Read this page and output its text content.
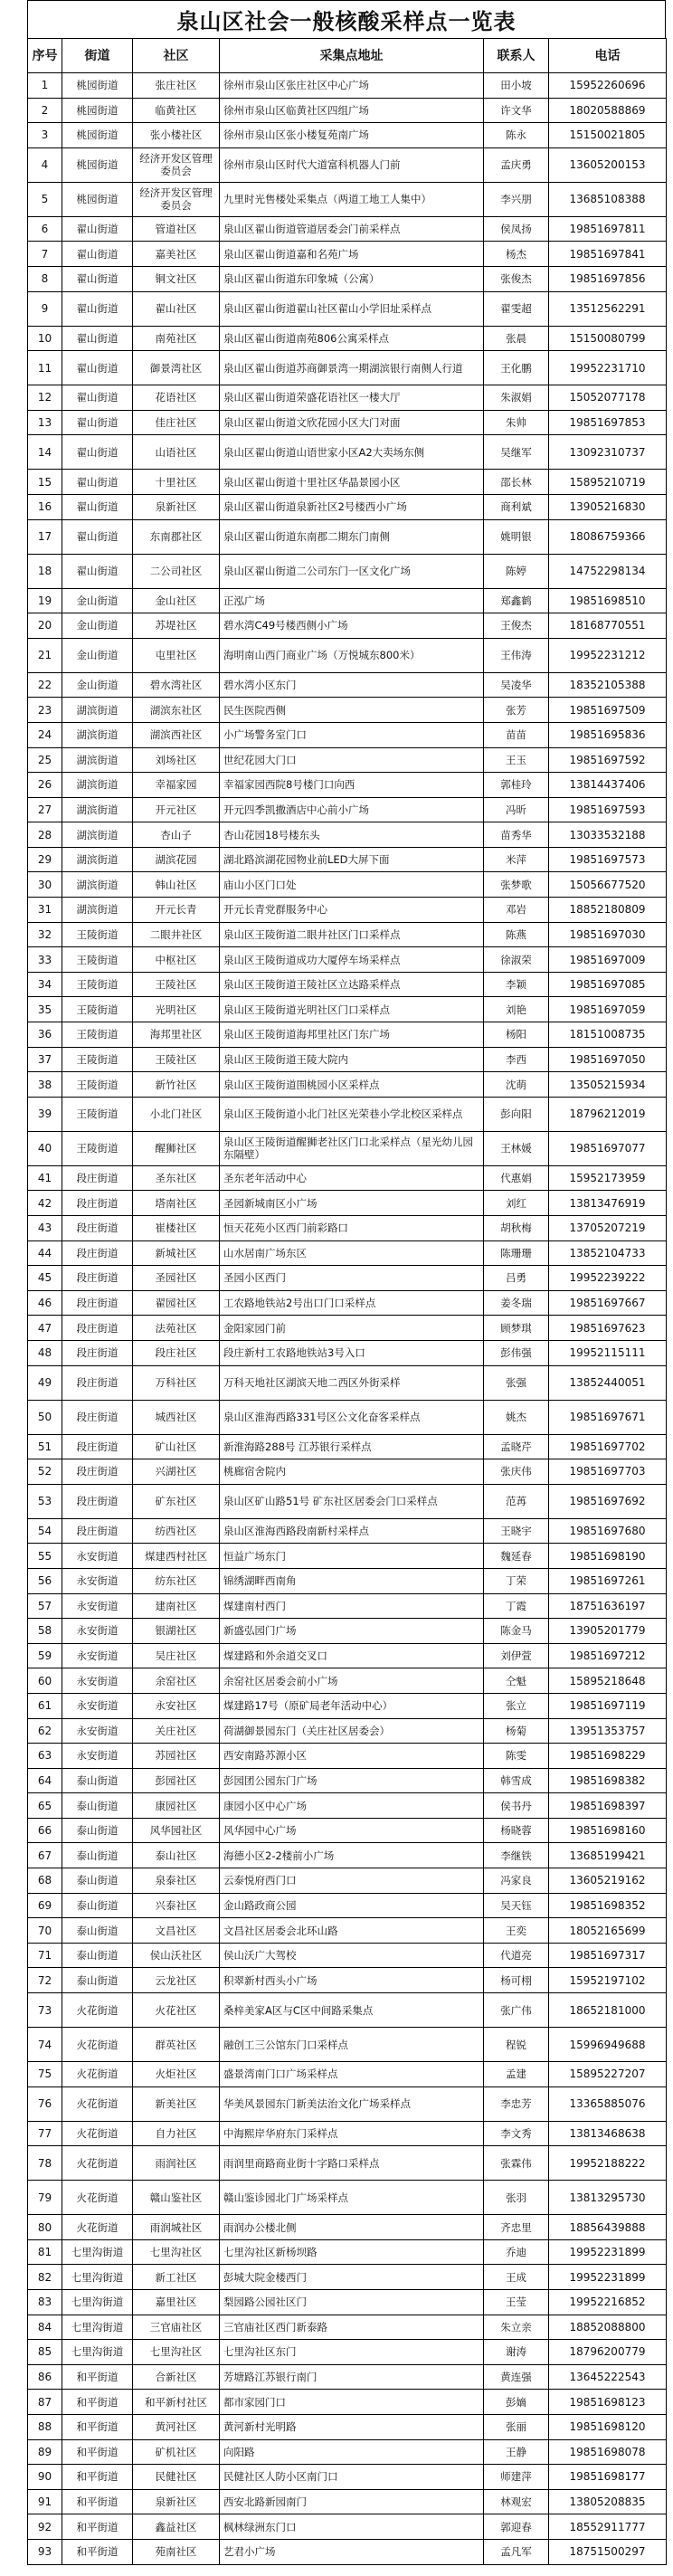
泉山区社会一般核酸采样点一览表
序号	街道	社区	采集点地址	联系人	电话
1	桃园街道	张庄社区	徐州市泉山区张庄社区中心广场	田小坡	15952260696
2	桃园街道	临黄社区	徐州市泉山区临黄社区四组广场	许文华	18020588869
3	桃园街道	张小楼社区	徐州市泉山区张小楼复苑南广场	陈永	15150021805
4	桃园街道	经济开发区管理委员会	徐州市泉山区时代大道富科机器人门前	孟庆勇	13605200153
5	桃园街道	经济开发区管理委员会	九里时光售楼处采集点（两道工地工人集中）	李兴朋	13685108388
6	翟山街道	管道社区	泉山区翟山街道管道居委会门前采样点	侯凤扬	19851697811
7	翟山街道	嘉美社区	泉山区翟山街道嘉和名苑广场	杨杰	19851697841
8	翟山街道	铜文社区	泉山区翟山街道东印象城（公寓）	张俊杰	19851697856
9	翟山街道	翟山社区	泉山区翟山街道翟山社区翟山小学旧址采样点	翟雯超	13512562291
10	翟山街道	南苑社区	泉山区翟山街道南苑806公寓采样点	张晨	15150080799
11	翟山街道	御景湾社区	泉山区翟山街道苏商御景湾一期湖滨银行南侧人行道	王化鹏	19952231710
12	翟山街道	花语社区	泉山区翟山街道荣盛花语社区一楼大厅	朱淑娟	15052077178
13	翟山街道	佳庄社区	泉山区翟山街道文欣花园小区大门对面	朱帅	19851697853
14	翟山街道	山语社区	泉山区翟山街道山语世家小区A2大卖场东侧	吴继军	13092310737
15	翟山街道	十里社区	泉山区翟山街道十里社区华晶景园小区	邵长林	15895210719
16	翟山街道	泉新社区	泉山区翟山街道泉新社区2号楼西小广场	商利斌	13905216830
17	翟山街道	东南郡社区	泉山区翟山街道东南郡二期东门南侧	姚明银	18086759366
18	翟山街道	二公司社区	泉山区翟山街道二公司东门一区文化广场	陈婷	14752298134
19	金山街道	金山社区	正泓广场	郑鑫鹤	19851698510
20	金山街道	苏堤社区	碧水湾C49号楼西侧小广场	王俊杰	18168770551
21	金山街道	屯里社区	海明南山西门商业广场（万悦城东800米）	王伟涛	19952231212
22	金山街道	碧水湾社区	碧水湾小区东门	吴凌华	18352105388
23	湖滨街道	湖滨东社区	民生医院西侧	张芳	19851697509
24	湖滨街道	湖滨西社区	小广场警务室门口	苗苗	19851695836
25	湖滨街道	刘场社区	世纪花园大门口	王玉	19851697592
26	湖滨街道	幸福家园	幸福家园西院8号楼门口向西	郭桂玲	13814437406
27	湖滨街道	开元社区	开元四季凯撒酒店中心前小广场	冯昕	19851697593
28	湖滨街道	杏山子	杏山花园18号楼东头	苗秀华	13033532188
29	湖滨街道	湖滨花园	湖北路滨湖花园物业前LED大屏下面	米萍	19851697573
30	湖滨街道	韩山社区	庙山小区门口处	张梦歌	15056677520
31	湖滨街道	开元长青	开元长青党群服务中心	邓岩	18852180809
32	王陵街道	二眼井社区	泉山区王陵街道二眼井社区门口采样点	陈燕	19851697030
33	王陵街道	中枢社区	泉山区王陵街道成功大厦停车场采样点	徐淑荣	19851697009
34	王陵街道	王陵社区	泉山区王陵街道王陵社区立达路采样点	李颖	19851697085
35	王陵街道	光明社区	泉山区王陵街道光明社区门口采样点	刘艳	19851697059
36	王陵街道	海邦里社区	泉山区王陵街道海邦里社区门东广场	杨阳	18151008735
37	王陵街道	王陵社区	泉山区王陵街道王陵大院内	李西	19851697050
38	王陵街道	新竹社区	泉山区王陵街道围桃园小区采样点	沈萌	13505215934
39	王陵街道	小北门社区	泉山区王陵街道小北门社区光荣巷小学北校区采样点	彭向阳	18796212019
40	王陵街道	醒狮社区	泉山区王陵街道醒狮老社区门口北采样点（星光幼儿园东隔壁）	王林媛	19851697077
41	段庄街道	圣东社区	圣东老年活动中心	代惠娟	15952173959
42	段庄街道	塔南社区	圣园新城南区小广场	刘红	13813476919
43	段庄街道	崔楼社区	恒天花苑小区西门前彩路口	胡秋梅	13705207219
44	段庄街道	新城社区	山水居南广场东区	陈珊珊	13852104733
45	段庄街道	圣园社区	圣园小区西门	吕勇	19952239222
46	段庄街道	翟园社区	工农路地铁站2号出口门口采样点	姜冬瑞	19851697667
47	段庄街道	法苑社区	金阳家园门前	顾梦琪	19851697623
48	段庄街道	段庄社区	段庄新村工农路地铁站3号入口	彭伟强	19952115111
49	段庄街道	万科社区	万科天地社区湖滨天地二西区外街采样	张强	13852440051
50	段庄街道	城西社区	泉山区淮海西路331号区公文化奋客采样点	姚杰	19851697671
51	段庄街道	矿山社区	新淮海路288号 江苏银行采样点	孟晓芹	19851697702
52	段庄街道	兴湖社区	桃廊宿舍院内	张庆伟	19851697703
53	段庄街道	矿东社区	泉山区矿山路51号 矿东社区居委会门口采样点	范苒	19851697692
54	段庄街道	纺西社区	泉山区淮海西路段南新村采样点	王晓宇	19851697680
55	永安街道	煤建西村社区	恒益广场东门	魏延春	19851698190
56	永安街道	纺东社区	锦绣湖畔西南角	丁荣	19851697261
57	永安街道	建南社区	煤建南村西门	丁霞	18751636197
58	永安街道	银湖社区	新盛弘园门广场	陈金马	13905201779
59	永安街道	吴庄社区	煤建路和外余道交叉口	刘伊萱	19851697212
60	永安街道	余窑社区	余窑社区居委会前小广场	仝魁	15895218648
61	永安街道	永安社区	煤建路17号（原矿局老年活动中心）	张立	19851697119
62	永安街道	关庄社区	荷湖御景园东门（关庄社区居委会）	杨菊	13951353757
63	永安街道	苏园社区	西安南路苏源小区	陈雯	19851698229
64	泰山街道	彭园社区	彭园团公园东门广场	韩雪成	19851698382
65	泰山街道	康园社区	康园小区中心广场	侯书丹	19851698397
66	泰山街道	风华园社区	风华园中心广场	杨晓蓉	19851698160
67	泰山街道	泰山社区	海德小区2-2楼前小广场	李继铁	13685199421
68	泰山街道	泉泰社区	云泰悦府西门口	冯家良	13605219162
69	泰山街道	兴泰社区	金山路政商公园	吴天钰	19851698352
70	泰山街道	文昌社区	文昌社区居委会北环山路	王奕	18052165699
71	泰山街道	侯山沃社区	侯山沃广大驾校	代道亮	19851697317
72	泰山街道	云龙社区	积翠新村西头小广场	杨可栩	15952197102
73	火花街道	火花社区	桑梓美家A区与C区中间路采集点	张广伟	18652181000
74	火花街道	群英社区	融创工三公馆东门口采样点	程锐	15996949688
75	火花街道	火炬社区	盛景湾南门口广场采样点	孟建	15895227207
76	火花街道	新美社区	华美风景园东门新美法治文化广场采样点	李忠芳	13365885076
77	火花街道	自力社区	中海熙岸华府东门采样点	李文秀	13813468638
78	火花街道	雨润社区	雨润里商路商业街十字路口采样点	张霖伟	19952188222
79	火花街道	赣山鉴社区	赣山鉴诊园北门广场采样点	张羽	13813295730
80	火花街道	雨润城社区	雨润办公楼北侧	齐忠里	18856439888
81	七里沟街道	七里沟社区	七里沟社区新杨坝路	乔迪	19952231899
82	七里沟街道	新工社区	彭城大院金楼西门	王成	19952231899
83	七里沟街道	嘉里社区	梨园路公园社区门	王莹	19952216852
84	七里沟街道	三官庙社区	三官庙社区西门新泰路	朱立亲	18852088800
85	七里沟街道	七里沟社区	七里沟社区东门	谢涛	18796200779
86	和平街道	合新社区	芳塘路江苏银行南门	黄连强	13645222543
87	和平街道	和平新村社区	都市家园门口	彭嫡	19851698123
88	和平街道	黄河社区	黄河新村光明路	张丽	19851698120
89	和平街道	矿机社区	向阳路	王静	19851698078
90	和平街道	民健社区	民健社区人防小区南门口	师建萍	19851698177
91	和平街道	泉新社区	西安北路新园南门	林观宏	13805208835
92	和平街道	鑫益社区	枫林绿洲东门口	郭迎春	18552911777
93	和平街道	苑南社区	艺君小广场	孟凡军	18751500297
